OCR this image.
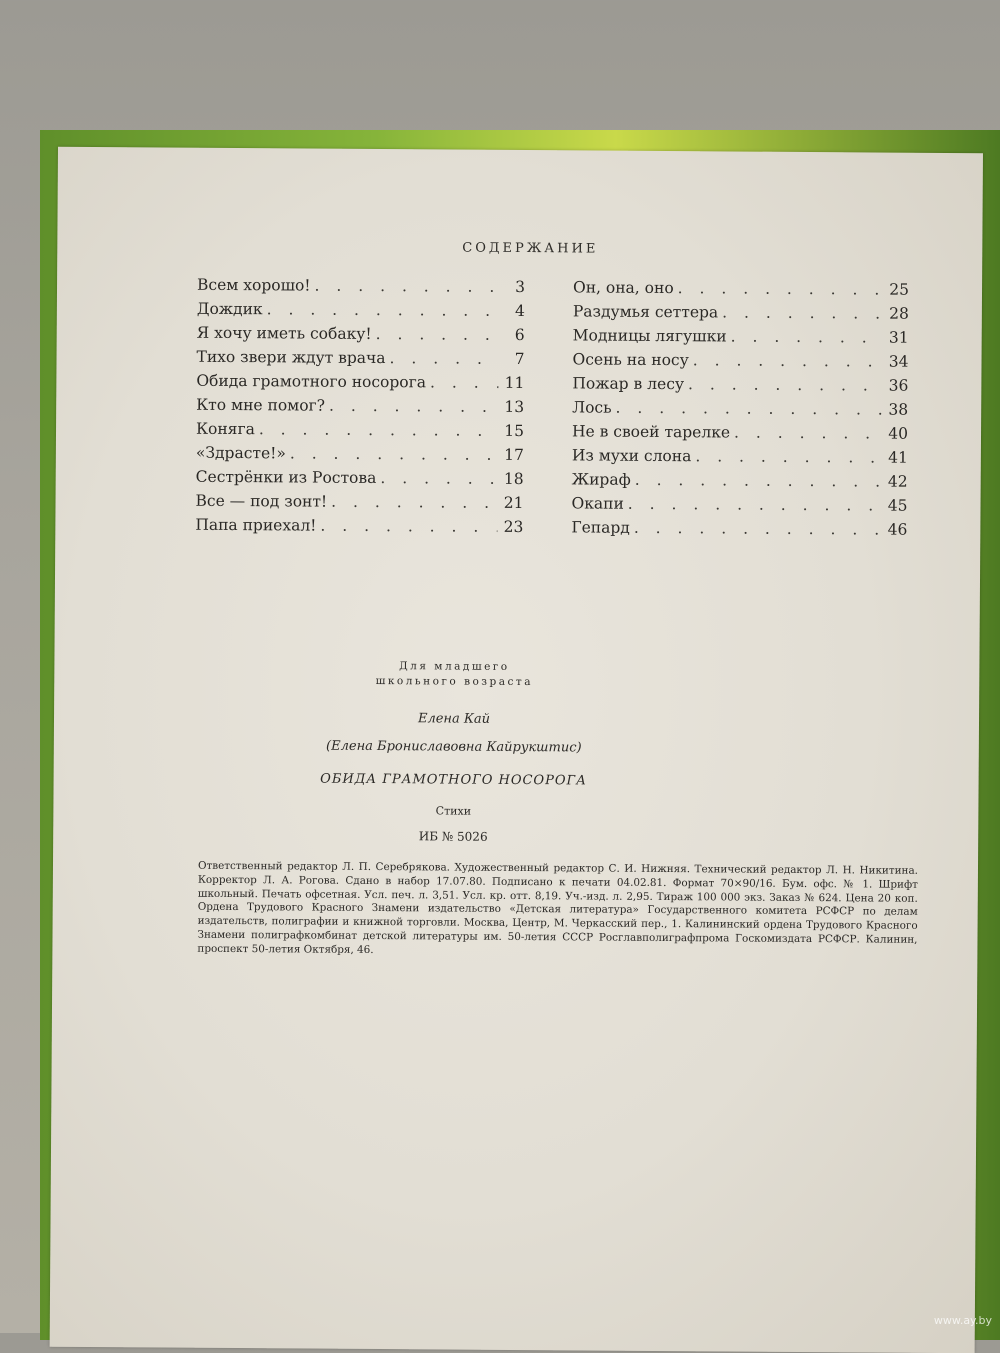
СОДЕРЖАНИЕ
Всем хорошо! . . .	3
Дождик . . .	4
Я хочу иметь собаку! . . .	6
Тихо звери ждут врача . . .	7
Обида грамотного носорога . . .	11
Кто мне помог? . . .	13
Коняга . . .	15
«Здрасте!» . . .	17
Сестрёнки из Ростова . . .	18
Все — под зонт! . . .	21
Папа приехал! . . .	23
Он, она, оно . . .	25
Раздумья сеттера . . .	28
Модницы лягушки . . .	31
Осень на носу . . .	34
Пожар в лесу . . .	36
Лось . . .	38
Не в своей тарелке . . .	40
Из мухи слона . . .	41
Жираф . . .	42
Окапи . . .	45
Гепард . . .	46
Для младшего
школьного возраста
Елена Кай
(Елена Брониславовна Кайрукштис)
ОБИДА ГРАМОТНОГО НОСОРОГА
Стихи
ИБ № 5026
Ответственный редактор Л. П. Серебрякова. Художественный редактор С. И. Нижняя. Технический редактор Л. Н. Никитина. Корректор Л. А. Рогова. Сдано в набор 17.07.80. Подписано к печати 04.02.81. Формат 70×90/16. Бум. офс. № 1. Шрифт школьный. Печать офсетная. Усл. печ. л. 3,51. Усл. кр. отт. 8,19. Уч.-изд. л. 2,95. Тираж 100 000 экз. Заказ № 624. Цена 20 коп. Ордена Трудового Красного Знамени издательство «Детская литература» Государственного комитета РСФСР по делам издательств, полиграфии и книжной торговли. Москва, Центр, М. Черкасский пер., 1. Калининский ордена Трудового Красного Знамени полиграфкомбинат детской литературы им. 50-летия СССР Росглавполиграфпрома Госкомиздата РСФСР. Калинин, проспект 50-летия Октября, 46.
www.ay.by
